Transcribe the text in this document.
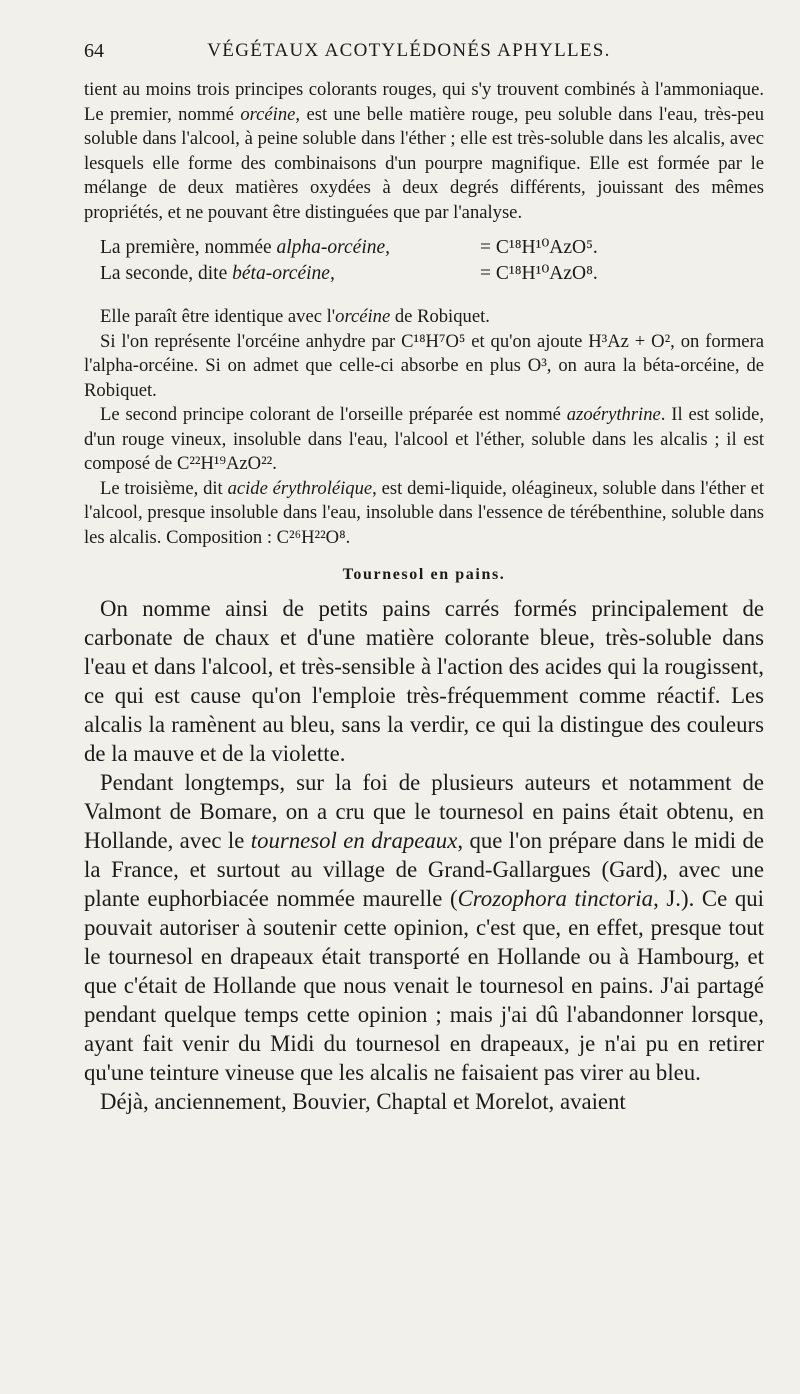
64	VÉGÉTAUX ACOTYLÉDONÉS APHYLLES.

tient au moins trois principes colorants rouges, qui s'y trouvent combinés à l'ammoniaque. Le premier, nommé orcéine, est une belle matière rouge, peu soluble dans l'eau, très-peu soluble dans l'alcool, à peine soluble dans l'éther ; elle est très-soluble dans les alcalis, avec lesquels elle forme des combinaisons d'un pourpre magnifique. Elle est formée par le mélange de deux matières oxydées à deux degrés différents, jouissant des mêmes propriétés, et ne pouvant être distinguées que par l'analyse.

La première, nommée alpha-orcéine,	= C¹⁸H¹⁰AzO⁵.
La seconde, dite béta-orcéine,	= C¹⁸H¹⁰AzO⁸.

Elle paraît être identique avec l'orcéine de Robiquet.

Si l'on représente l'orcéine anhydre par C¹⁸H⁷O⁵ et qu'on ajoute H³Az + O², on formera l'alpha-orcéine. Si on admet que celle-ci absorbe en plus O³, on aura la béta-orcéine, de Robiquet.

Le second principe colorant de l'orseille préparée est nommé azoérythrine. Il est solide, d'un rouge vineux, insoluble dans l'eau, l'alcool et l'éther, soluble dans les alcalis ; il est composé de C²²H¹⁹AzO²².

Le troisième, dit acide érythroléique, est demi-liquide, oléagineux, soluble dans l'éther et l'alcool, presque insoluble dans l'eau, insoluble dans l'essence de térébenthine, soluble dans les alcalis. Composition : C²⁶H²²O⁸.

Tournesol en pains.

On nomme ainsi de petits pains carrés formés principalement de carbonate de chaux et d'une matière colorante bleue, très-soluble dans l'eau et dans l'alcool, et très-sensible à l'action des acides qui la rougissent, ce qui est cause qu'on l'emploie très-fréquemment comme réactif. Les alcalis la ramènent au bleu, sans la verdir, ce qui la distingue des couleurs de la mauve et de la violette.

Pendant longtemps, sur la foi de plusieurs auteurs et notamment de Valmont de Bomare, on a cru que le tournesol en pains était obtenu, en Hollande, avec le tournesol en drapeaux, que l'on prépare dans le midi de la France, et surtout au village de Grand-Gallargues (Gard), avec une plante euphorbiacée nommée maurelle (Crozophora tinctoria, J.). Ce qui pouvait autoriser à soutenir cette opinion, c'est que, en effet, presque tout le tournesol en drapeaux était transporté en Hollande ou à Hambourg, et que c'était de Hollande que nous venait le tournesol en pains. J'ai partagé pendant quelque temps cette opinion ; mais j'ai dû l'abandonner lorsque, ayant fait venir du Midi du tournesol en drapeaux, je n'ai pu en retirer qu'une teinture vineuse que les alcalis ne faisaient pas virer au bleu.

Déjà, anciennement, Bouvier, Chaptal et Morelot, avaient
